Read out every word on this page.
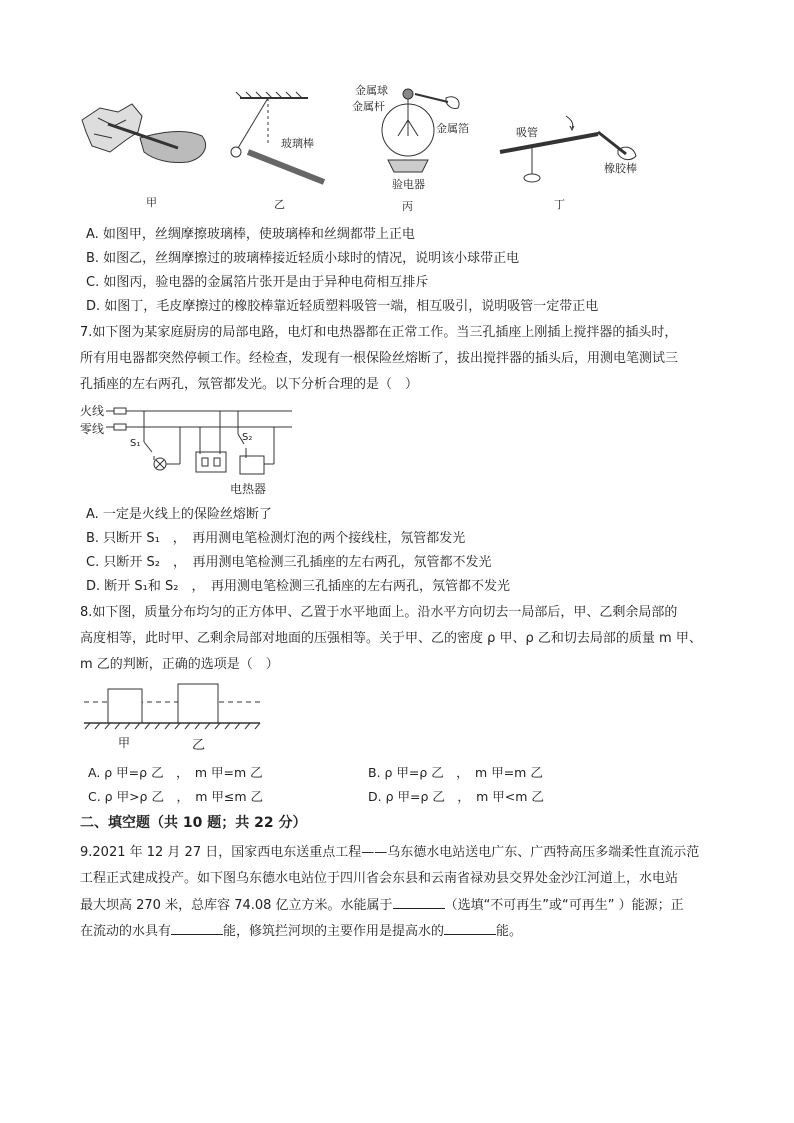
玻璃棒
金属球
金属杆
金属箔
验电器
吸管
橡胶棒
甲	乙	丙	丁
A. 如图甲，丝绸摩擦玻璃棒，使玻璃棒和丝绸都带上正电
B. 如图乙，丝绸摩擦过的玻璃棒接近轻质小球时的情况，说明该小球带正电
C. 如图丙，验电器的金属箔片张开是由于异种电荷相互排斥
D. 如图丁，毛皮摩擦过的橡胶棒靠近轻质塑料吸管一端，相互吸引，说明吸管一定带正电
7.如下图为某家庭厨房的局部电路，电灯和电热器都在正常工作。当三孔插座上刚插上搅拌器的插头时，
所有用电器都突然停顿工作。经检查，发现有一根保险丝熔断了，拔出搅拌器的插头后，用测电笔测试三
孔插座的左右两孔，氖管都发光。以下分析合理的是（　）
火线
零线
S₁
S₂
电热器
A. 一定是火线上的保险丝熔断了
B. 只断开 S₁　，　再用测电笔检测灯泡的两个接线柱，氖管都发光
C. 只断开 S₂　，　再用测电笔检测三孔插座的左右两孔，氖管都不发光
D. 断开 S₁和 S₂　，　再用测电笔检测三孔插座的左右两孔，氖管都不发光
8.如下图，质量分布均匀的正方体甲、乙置于水平地面上。沿水平方向切去一局部后，甲、乙剩余局部的
高度相等，此时甲、乙剩余局部对地面的压强相等。关于甲、乙的密度 ρ 甲、ρ 乙和切去局部的质量 m 甲、
m 乙的判断，正确的选项是（　）
甲	乙
A. ρ 甲=ρ 乙　，　m 甲=m 乙	B. ρ 甲=ρ 乙　，　m 甲=m 乙
C. ρ 甲>ρ 乙　，　m 甲≤m 乙	D. ρ 甲=ρ 乙　，　m 甲<m 乙
二、填空题（共 10 题；共 22 分）
9.2021 年 12 月 27 日，国家西电东送重点工程——乌东德水电站送电广东、广西特高压多端柔性直流示范
工程正式建成投产。如下图乌东德水电站位于四川省会东县和云南省禄劝县交界处金沙江河道上，水电站
最大坝高 270 米，总库容 74.08 亿立方米。水能属于	（选填“不可再生”或“可再生” ）能源；正
在流动的水具有	能，修筑拦河坝的主要作用是提高水的	能。
